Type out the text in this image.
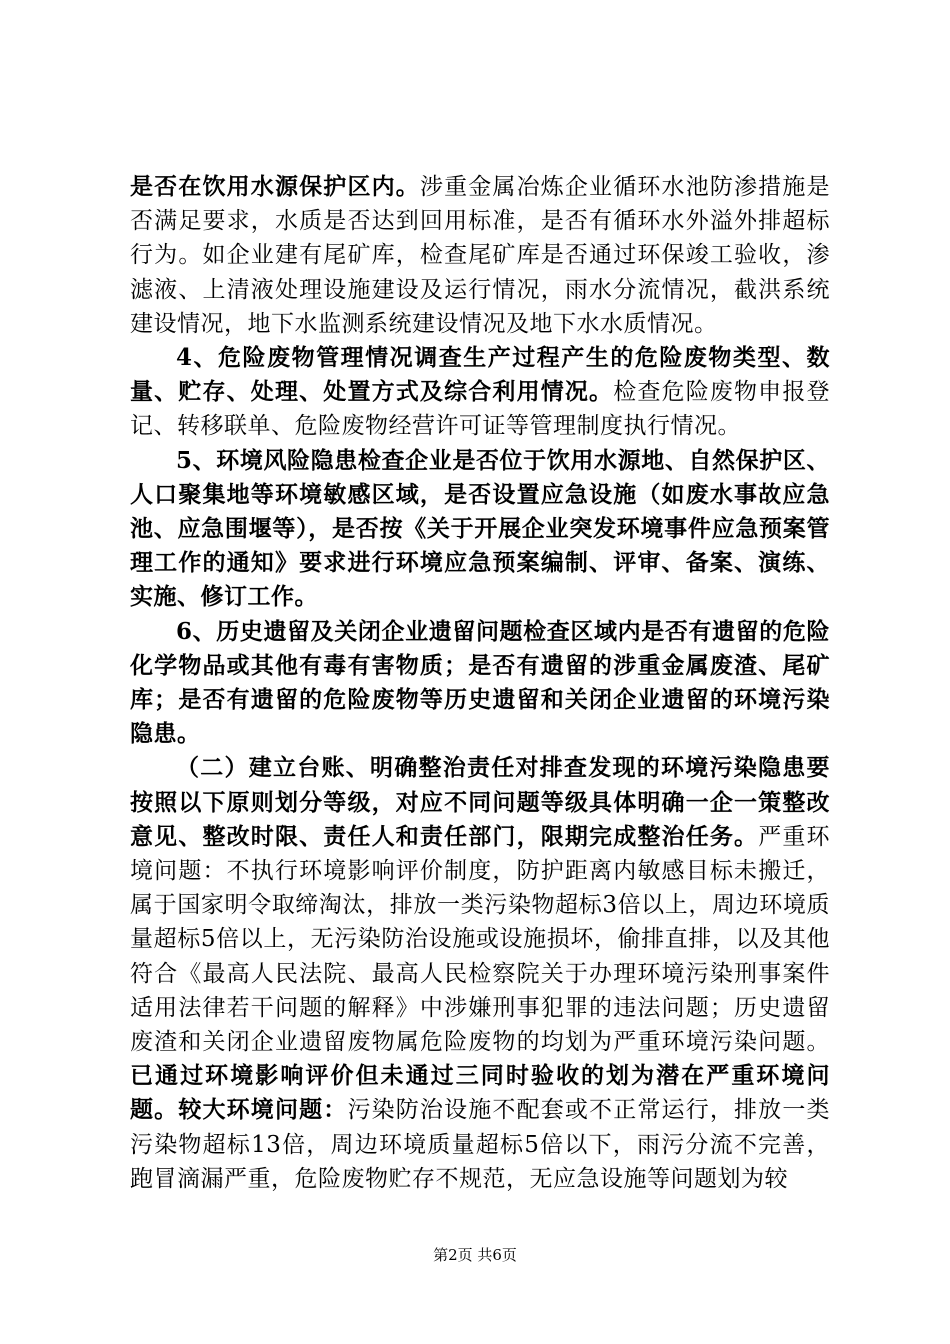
是否在饮用水源保护区内。涉重金属冶炼企业循环水池防渗措施是否满足要求，水质是否达到回用标准，是否有循环水外溢外排超标行为。如企业建有尾矿库，检查尾矿库是否通过环保竣工验收，渗滤液、上清液处理设施建设及运行情况，雨水分流情况，截洪系统建设情况，地下水监测系统建设情况及地下水水质情况。

4、危险废物管理情况调查生产过程产生的危险废物类型、数量、贮存、处理、处置方式及综合利用情况。检查危险废物申报登记、转移联单、危险废物经营许可证等管理制度执行情况。

5、环境风险隐患检查企业是否位于饮用水源地、自然保护区、人口聚集地等环境敏感区域，是否设置应急设施（如废水事故应急池、应急围堰等），是否按《关于开展企业突发环境事件应急预案管理工作的通知》要求进行环境应急预案编制、评审、备案、演练、实施、修订工作。

6、历史遗留及关闭企业遗留问题检查区域内是否有遗留的危险化学物品或其他有毒有害物质；是否有遗留的涉重金属废渣、尾矿库；是否有遗留的危险废物等历史遗留和关闭企业遗留的环境污染隐患。

（二）建立台账、明确整治责任对排查发现的环境污染隐患要按照以下原则划分等级，对应不同问题等级具体明确一企一策整改意见、整改时限、责任人和责任部门，限期完成整治任务。严重环境问题：不执行环境影响评价制度，防护距离内敏感目标未搬迁，属于国家明令取缔淘汰，排放一类污染物超标3倍以上，周边环境质量超标5倍以上，无污染防治设施或设施损坏，偷排直排，以及其他符合《最高人民法院、最高人民检察院关于办理环境污染刑事案件适用法律若干问题的解释》中涉嫌刑事犯罪的违法问题；历史遗留废渣和关闭企业遗留废物属危险废物的均划为严重环境污染问题。已通过环境影响评价但未通过三同时验收的划为潜在严重环境问题。较大环境问题：污染防治设施不配套或不正常运行，排放一类污染物超标13倍，周边环境质量超标5倍以下，雨污分流不完善，跑冒滴漏严重，危险废物贮存不规范，无应急设施等问题划为较

第2页 共6页
